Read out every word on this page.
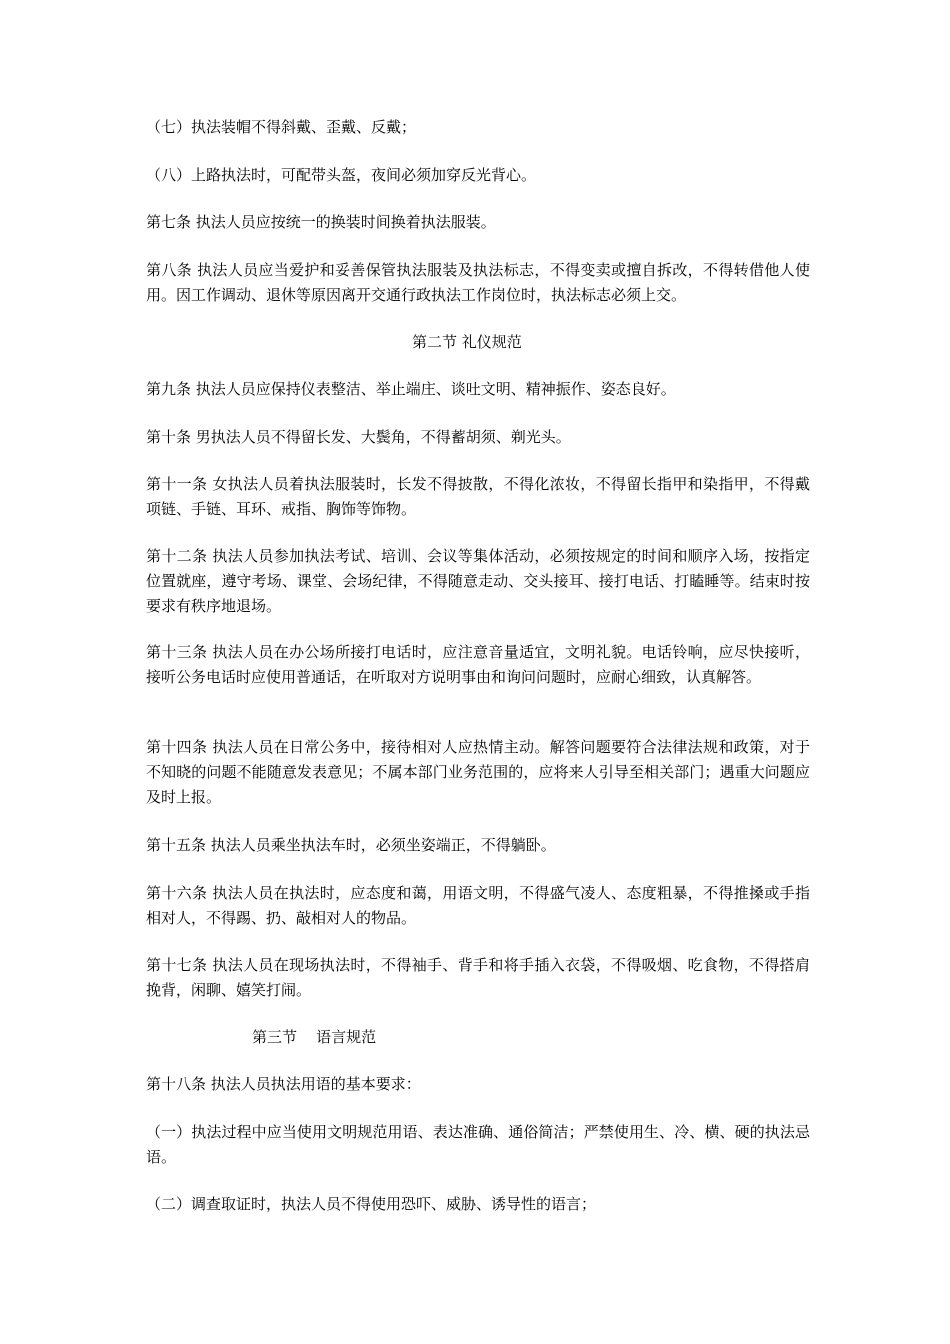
（七）执法装帽不得斜戴、歪戴、反戴；

（八）上路执法时，可配带头盔，夜间必须加穿反光背心。

第七条 执法人员应按统一的换装时间换着执法服装。

第八条 执法人员应当爱护和妥善保管执法服装及执法标志，不得变卖或擅自拆改，不得转借他人使用。因工作调动、退休等原因离开交通行政执法工作岗位时，执法标志必须上交。

第二节 礼仪规范

第九条 执法人员应保持仪表整洁、举止端庄、谈吐文明、精神振作、姿态良好。

第十条 男执法人员不得留长发、大鬓角，不得蓄胡须、剃光头。

第十一条 女执法人员着执法服装时，长发不得披散，不得化浓妆，不得留长指甲和染指甲，不得戴项链、手链、耳环、戒指、胸饰等饰物。

第十二条 执法人员参加执法考试、培训、会议等集体活动，必须按规定的时间和顺序入场，按指定位置就座，遵守考场、课堂、会场纪律，不得随意走动、交头接耳、接打电话、打瞌睡等。结束时按要求有秩序地退场。

第十三条 执法人员在办公场所接打电话时，应注意音量适宜，文明礼貌。电话铃响，应尽快接听，接听公务电话时应使用普通话，在听取对方说明事由和询问问题时，应耐心细致，认真解答。

第十四条 执法人员在日常公务中，接待相对人应热情主动。解答问题要符合法律法规和政策，对于不知晓的问题不能随意发表意见；不属本部门业务范围的，应将来人引导至相关部门；遇重大问题应及时上报。

第十五条 执法人员乘坐执法车时，必须坐姿端正，不得躺卧。

第十六条 执法人员在执法时，应态度和蔼，用语文明，不得盛气凌人、态度粗暴，不得推搡或手指相对人，不得踢、扔、敲相对人的物品。

第十七条 执法人员在现场执法时，不得袖手、背手和将手插入衣袋，不得吸烟、吃食物，不得搭肩挽背，闲聊、嬉笑打闹。

第三节    语言规范

第十八条 执法人员执法用语的基本要求：

（一）执法过程中应当使用文明规范用语、表达准确、通俗简洁；严禁使用生、冷、横、硬的执法忌语。

（二）调查取证时，执法人员不得使用恐吓、威胁、诱导性的语言；
